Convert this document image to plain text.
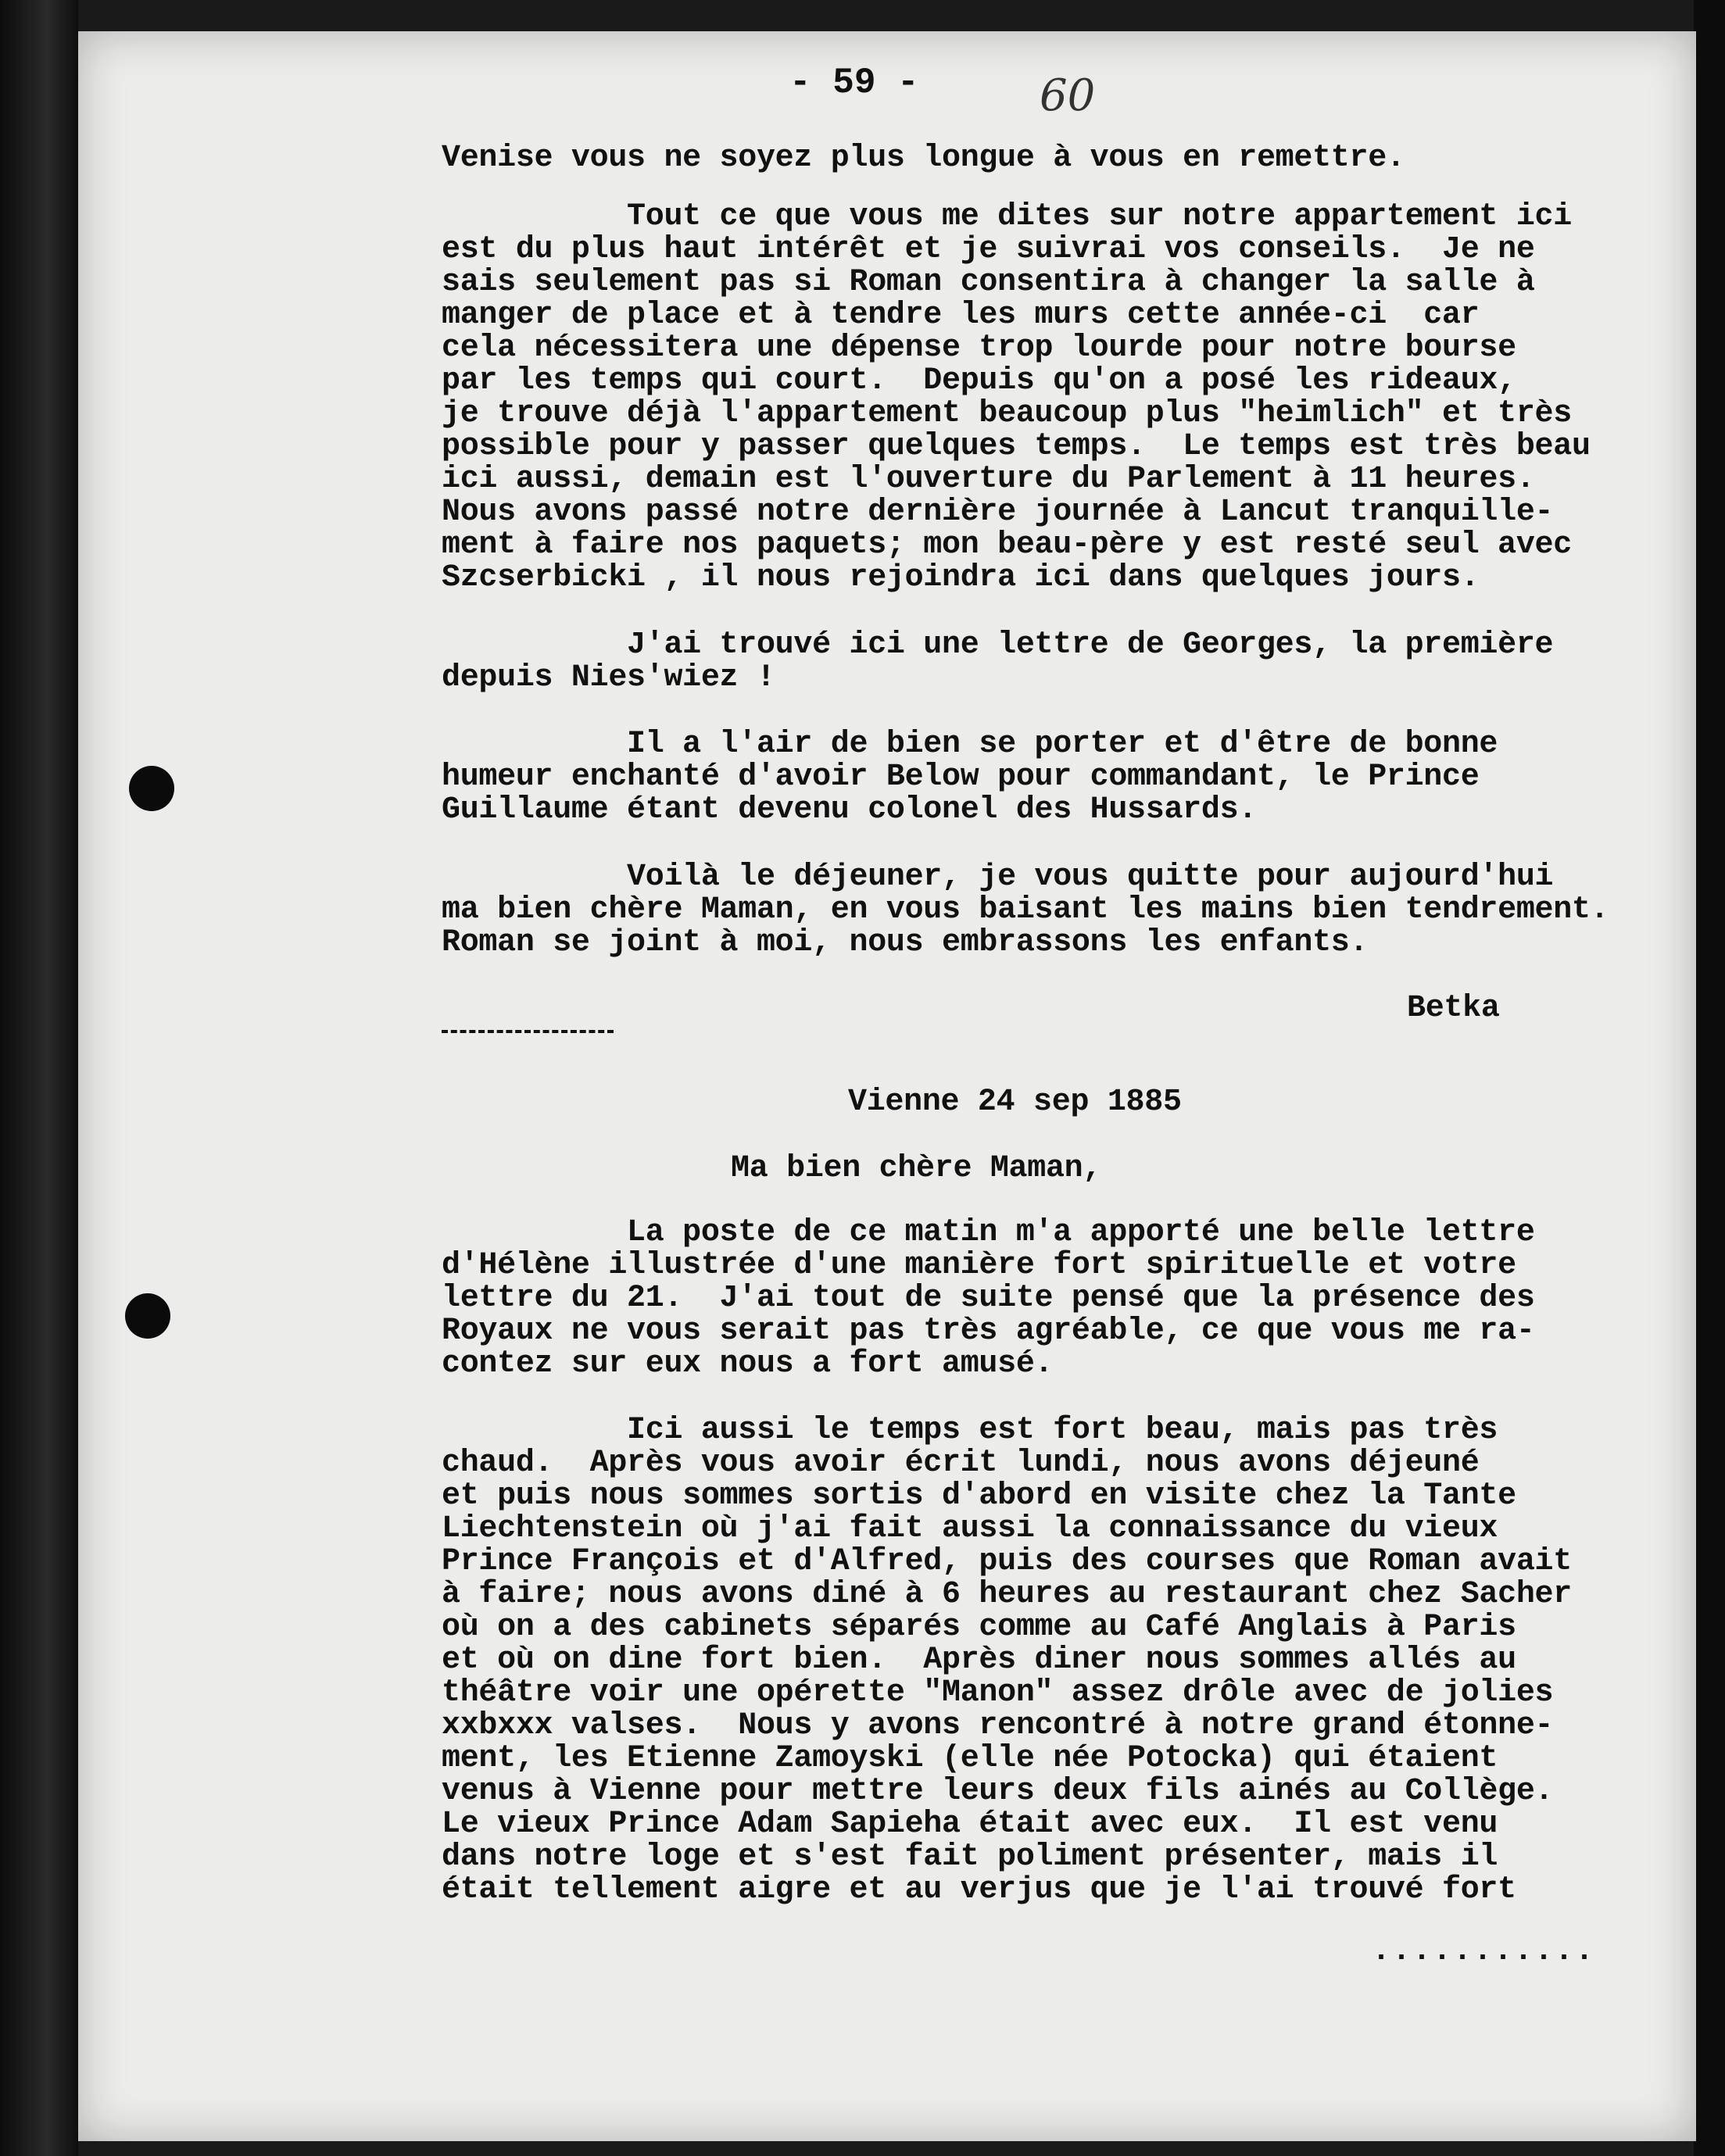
- 59 -	60
Venise vous ne soyez plus longue à vous en remettre.
Tout ce que vous me dites sur notre appartement ici
est du plus haut intérêt et je suivrai vos conseils.  Je ne
sais seulement pas si Roman consentira à changer la salle à
manger de place et à tendre les murs cette année-ci  car
cela nécessitera une dépense trop lourde pour notre bourse
par les temps qui court.  Depuis qu'on a posé les rideaux,
je trouve déjà l'appartement beaucoup plus "heimlich" et très
possible pour y passer quelques temps.  Le temps est très beau
ici aussi, demain est l'ouverture du Parlement à 11 heures.
Nous avons passé notre dernière journée à Lancut tranquille-
ment à faire nos paquets; mon beau-père y est resté seul avec
Szcserbicki , il nous rejoindra ici dans quelques jours.
J'ai trouvé ici une lettre de Georges, la première
depuis Nies'wiez !
Il a l'air de bien se porter et d'être de bonne
humeur enchanté d'avoir Below pour commandant, le Prince
Guillaume étant devenu colonel des Hussards.
Voilà le déjeuner, je vous quitte pour aujourd'hui
ma bien chère Maman, en vous baisant les mains bien tendrement.
Roman se joint à moi, nous embrassons les enfants.
Betka
Vienne 24 sep 1885
Ma bien chère Maman,
La poste de ce matin m'a apporté une belle lettre
d'Hélène illustrée d'une manière fort spirituelle et votre
lettre du 21.  J'ai tout de suite pensé que la présence des
Royaux ne vous serait pas très agréable, ce que vous me ra-
contez sur eux nous a fort amusé.
Ici aussi le temps est fort beau, mais pas très
chaud.  Après vous avoir écrit lundi, nous avons déjeuné
et puis nous sommes sortis d'abord en visite chez la Tante
Liechtenstein où j'ai fait aussi la connaissance du vieux
Prince François et d'Alfred, puis des courses que Roman avait
à faire; nous avons diné à 6 heures au restaurant chez Sacher
où on a des cabinets séparés comme au Café Anglais à Paris
et où on dine fort bien.  Après diner nous sommes allés au
théâtre voir une opérette "Manon" assez drôle avec de jolies
xxbxxx valses.  Nous y avons rencontré à notre grand étonne-
ment, les Etienne Zamoyski (elle née Potocka) qui étaient
venus à Vienne pour mettre leurs deux fils ainés au Collège.
Le vieux Prince Adam Sapieha était avec eux.  Il est venu
dans notre loge et s'est fait poliment présenter, mais il
était tellement aigre et au verjus que je l'ai trouvé fort
...........
